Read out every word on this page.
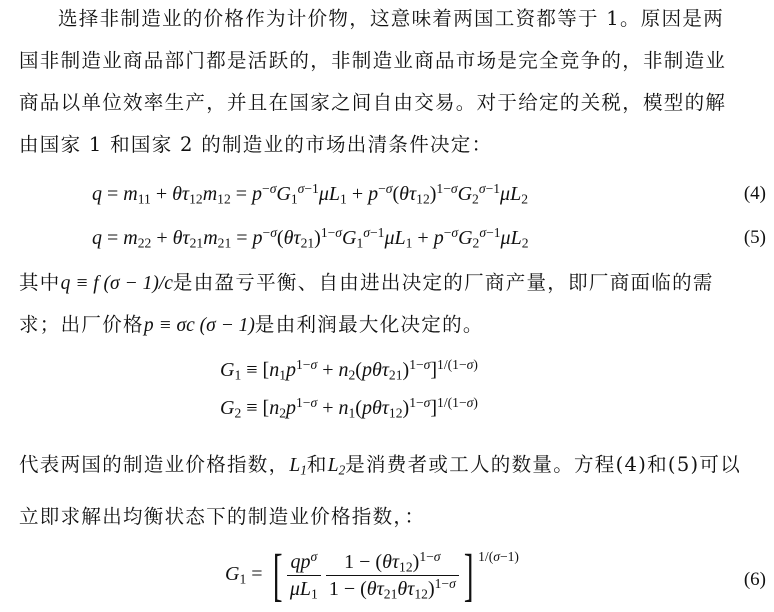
选择非制造业的价格作为计价物，这意味着两国工资都等于 1。原因是两
国非制造业商品部门都是活跃的，非制造业商品市场是完全竞争的，非制造业
商品以单位效率生产，并且在国家之间自由交易。对于给定的关税，模型的解
由国家 1 和国家 2 的制造业的市场出清条件决定：
$q = m_{11} + \theta\tau_{12}m_{12} = p^{-\sigma}G_1^{\sigma-1}\mu L_1 + p^{-\sigma}(\theta\tau_{12})^{1-\sigma}G_2^{\sigma-1}\mu L_2$	(4)
$q = m_{22} + \theta\tau_{21}m_{21} = p^{-\sigma}(\theta\tau_{21})^{1-\sigma}G_1^{\sigma-1}\mu L_1 + p^{-\sigma}G_2^{\sigma-1}\mu L_2$	(5)
其中q ≡ f (σ − 1)/c是由盈亏平衡、自由进出决定的厂商产量，即厂商面临的需
求；出厂价格p ≡ σc (σ − 1)是由利润最大化决定的。
$G_1 \equiv [n_1p^{1-\sigma} + n_2(p\theta\tau_{21})^{1-\sigma}]^{1/(1-\sigma)}$
$G_2 \equiv [n_2p^{1-\sigma} + n_1(p\theta\tau_{12})^{1-\sigma}]^{1/(1-\sigma)}$
代表两国的制造业价格指数，$L_1$和$L_2$是消费者或工人的数量。方程(4)和(5)可以
立即求解出均衡状态下的制造业价格指数，：
$G_1$ = [ $\frac{qp^\sigma}{\mu L_1}$
$\frac{1 - (\theta\tau_{12})^{1-\sigma}}{1 - (\theta\tau_{21}\theta\tau_{12})^{1-\sigma}}$ ] $^{1/(\sigma-1)}$
(6)
